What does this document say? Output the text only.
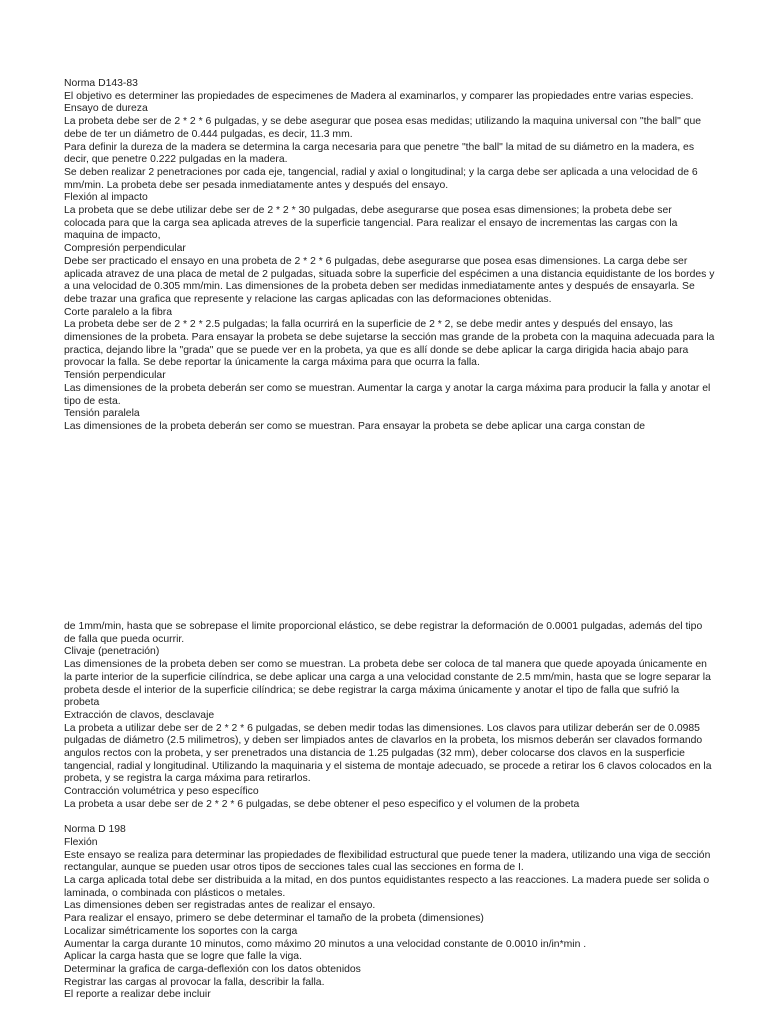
Norma D143-83

El objetivo es determiner las propiedades de especimenes de Madera al examinarlos, y comparer las propiedades entre varias especies.

Ensayo de dureza

La probeta debe ser de 2 * 2 * 6 pulgadas, y se debe asegurar que posea esas medidas; utilizando la maquina universal con "the ball" que debe de ter un diámetro de 0.444 pulgadas, es decir, 11.3 mm.

Para definir la dureza de la madera se determina la carga necesaria para que penetre "the ball" la mitad de su diámetro en la madera, es decir, que penetre 0.222 pulgadas en la madera.

Se deben realizar 2 penetraciones por cada eje, tangencial, radial y axial o longitudinal; y la carga debe ser aplicada a una velocidad de 6 mm/min. La probeta debe ser pesada inmediatamente antes y después del ensayo.

Flexión al impacto

La probeta que se debe utilizar debe ser de 2 * 2 * 30 pulgadas, debe asegurarse que posea esas dimensiones; la probeta debe ser colocada para que la carga sea aplicada atreves de la superficie tangencial. Para realizar el ensayo de incrementas las cargas con la maquina de impacto,

Compresión perpendicular

Debe ser practicado el ensayo en una probeta de 2 * 2 * 6 pulgadas, debe asegurarse que posea esas dimensiones. La carga debe ser aplicada atravez de una placa de metal de 2 pulgadas, situada sobre la superficie del espécimen a una distancia equidistante de los bordes y a una velocidad de 0.305 mm/min. Las dimensiones de la probeta deben ser medidas inmediatamente antes y después de ensayarla. Se debe trazar una grafica que represente y relacione las cargas aplicadas con las deformaciones obtenidas.

Corte paralelo a la fibra

La probeta debe ser de 2 * 2 * 2.5 pulgadas; la falla ocurrirá en la superficie de 2 * 2, se debe medir antes y después del ensayo, las dimensiones de la probeta. Para ensayar la probeta se debe sujetarse la sección mas grande de la probeta con la maquina adecuada para la practica, dejando libre la "grada" que se puede ver en la probeta, ya que es allí donde se debe aplicar la carga dirigida hacia abajo para provocar la falla. Se debe reportar la únicamente la carga máxima para que ocurra la falla.

Tensión perpendicular

Las dimensiones de la probeta deberán ser como se muestran. Aumentar la carga y anotar la carga máxima para producir la falla y anotar el tipo de esta.

Tensión paralela

Las dimensiones de la probeta deberán ser como se muestran. Para ensayar la probeta se debe aplicar una carga constan de

de 1mm/min, hasta que se sobrepase el limite proporcional elástico, se debe registrar la deformación de 0.0001 pulgadas, además del tipo de falla que pueda ocurrir.

Clivaje (penetración)

Las dimensiones de la probeta deben ser como se muestran. La probeta debe ser coloca de tal manera que quede apoyada únicamente en la parte interior de la superficie cilíndrica, se debe aplicar una carga a una velocidad constante de 2.5 mm/min, hasta que se logre separar la probeta desde el interior de la superficie cilíndrica; se debe registrar la carga máxima únicamente y anotar el tipo de falla que sufrió la probeta

Extracción de clavos, desclavaje

La probeta a utilizar debe ser de 2 * 2 * 6 pulgadas, se deben medir todas las dimensiones. Los clavos para utilizar deberán ser de 0.0985 pulgadas de diámetro (2.5 milimetros), y deben ser limpiados antes de clavarlos en la probeta, los mismos deberán ser clavados formando angulos rectos con la probeta, y ser prenetrados una distancia de 1.25 pulgadas (32 mm), deber colocarse dos clavos en la susperficie tangencial, radial y longitudinal. Utilizando la maquinaria y el sistema de montaje adecuado, se procede a retirar los 6 clavos colocados en la probeta, y se registra la carga máxima para retirarlos.

Contracción volumétrica y peso específico

La probeta a usar debe ser de 2 * 2 * 6 pulgadas, se debe obtener el peso especifico y el volumen de la probeta

Norma D 198

Flexión

Este ensayo se realiza para determinar las propiedades de flexibilidad estructural que puede tener la madera, utilizando una viga de sección rectangular, aunque se pueden usar otros tipos de secciones tales cual las secciones en forma de I.

La carga aplicada total debe ser distribuida a la mitad, en dos puntos equidistantes respecto a las reacciones. La madera puede ser solida o laminada, o combinada con plásticos o metales.

Las dimensiones deben ser registradas antes de realizar el ensayo.

Para realizar el ensayo, primero se debe determinar el tamaño de la probeta (dimensiones)

Localizar simétricamente los soportes con la carga

Aumentar la carga durante 10 minutos, como máximo 20 minutos a una velocidad constante de 0.0010 in/in*min .

Aplicar la carga hasta que se logre que falle la viga.

Determinar la grafica de carga-deflexión con los datos obtenidos

Registrar las cargas al provocar la falla, describir la falla.

El reporte a realizar debe incluir
